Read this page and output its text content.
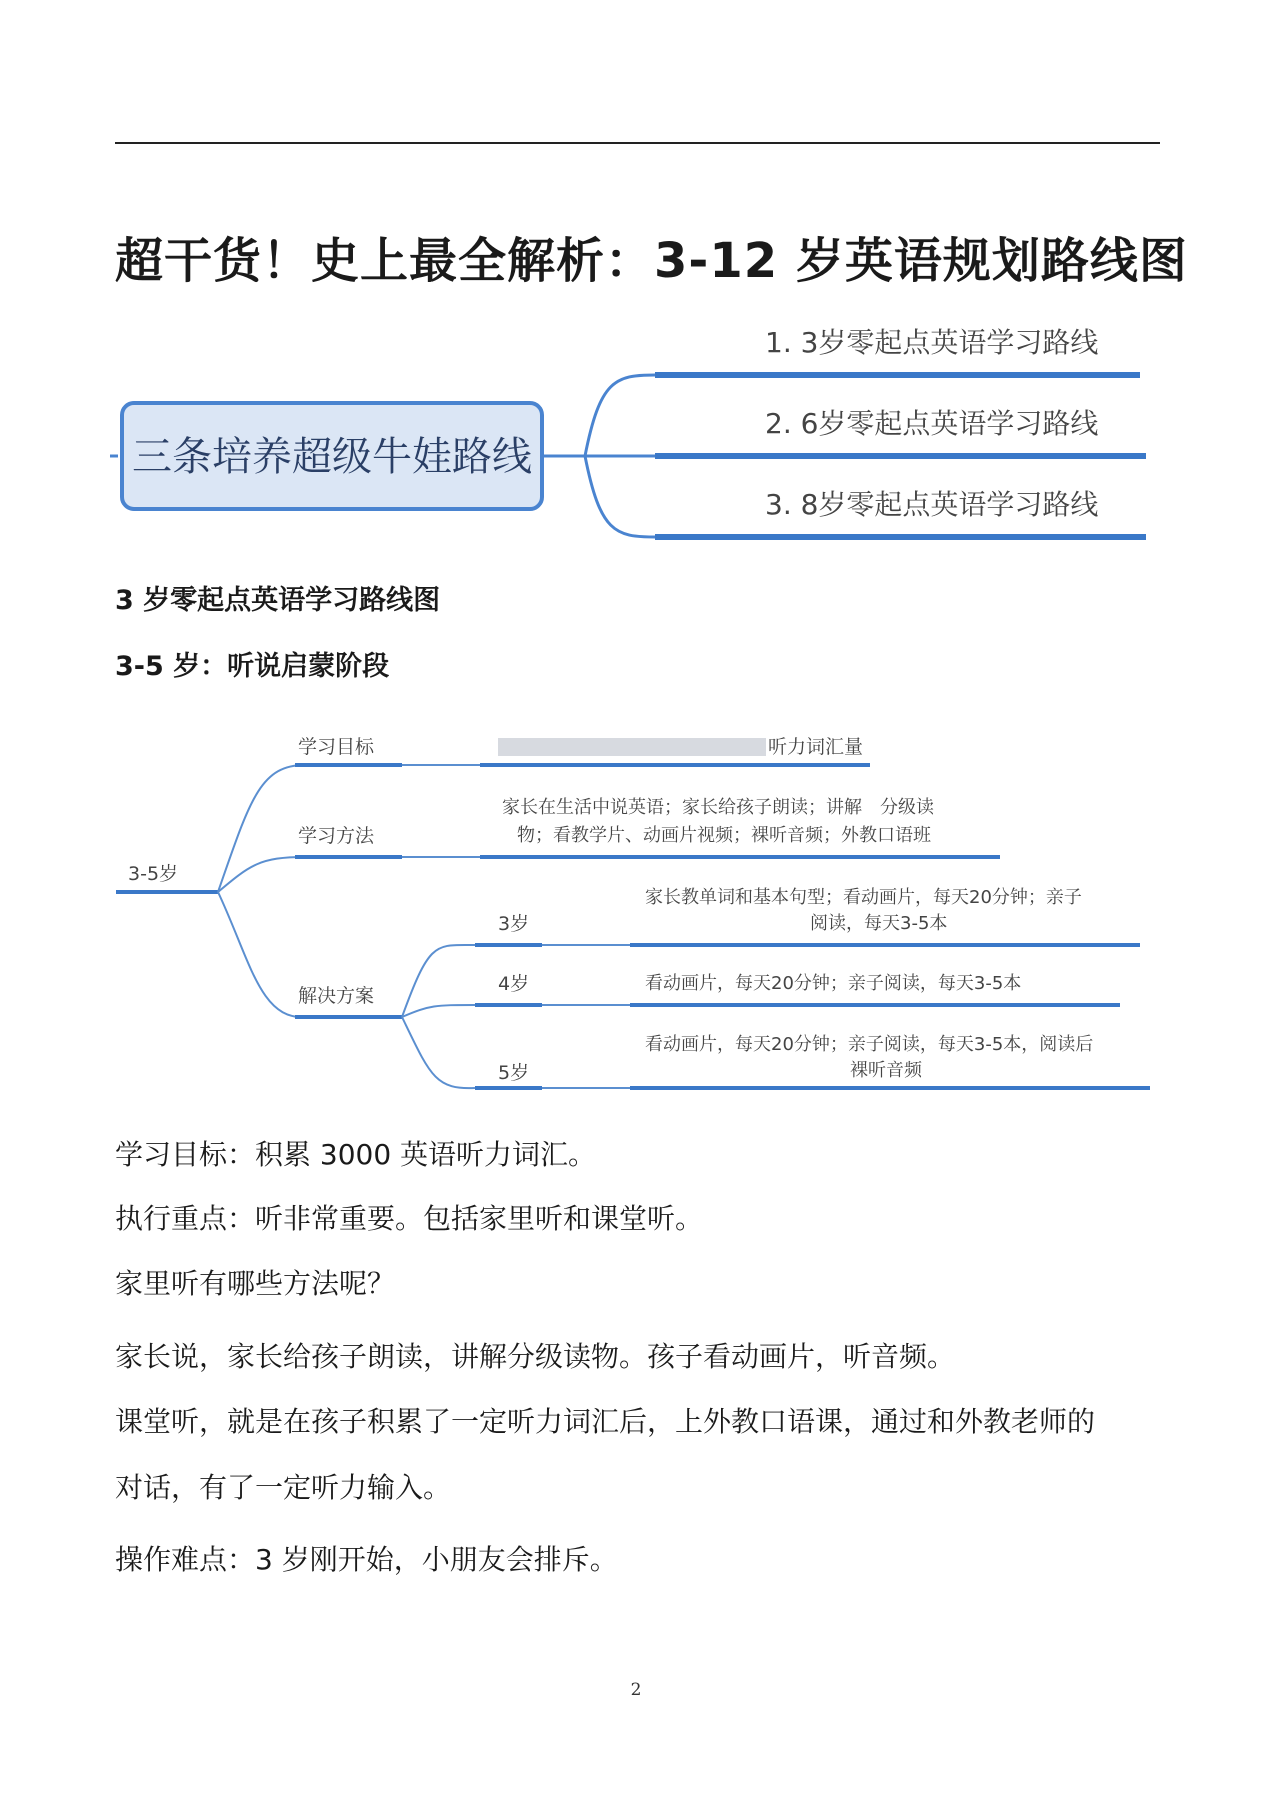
超干货！史上最全解析：3-12 岁英语规划路线图
三条培养超级牛娃路线
1. 3岁零起点英语学习路线
2. 6岁零起点英语学习路线
3. 8岁零起点英语学习路线
3 岁零起点英语学习路线图
3-5 岁：听说启蒙阶段
3-5岁
学习目标	听力词汇量
学习方法
家长在生活中说英语；家长给孩子朗读；讲解　分级读
物；看教学片、动画片视频；裸听音频；外教口语班
解决方案
3岁
家长教单词和基本句型；看动画片，每天20分钟；亲子
阅读，每天3-5本
4岁	看动画片，每天20分钟；亲子阅读，每天3-5本
5岁
看动画片，每天20分钟；亲子阅读，每天3-5本，阅读后
裸听音频
学习目标：积累 3000 英语听力词汇。
执行重点：听非常重要。包括家里听和课堂听。
家里听有哪些方法呢？
家长说，家长给孩子朗读，讲解分级读物。孩子看动画片，听音频。
课堂听，就是在孩子积累了一定听力词汇后，上外教口语课，通过和外教老师的
对话，有了一定听力输入。
操作难点：3 岁刚开始，小朋友会排斥。
2
